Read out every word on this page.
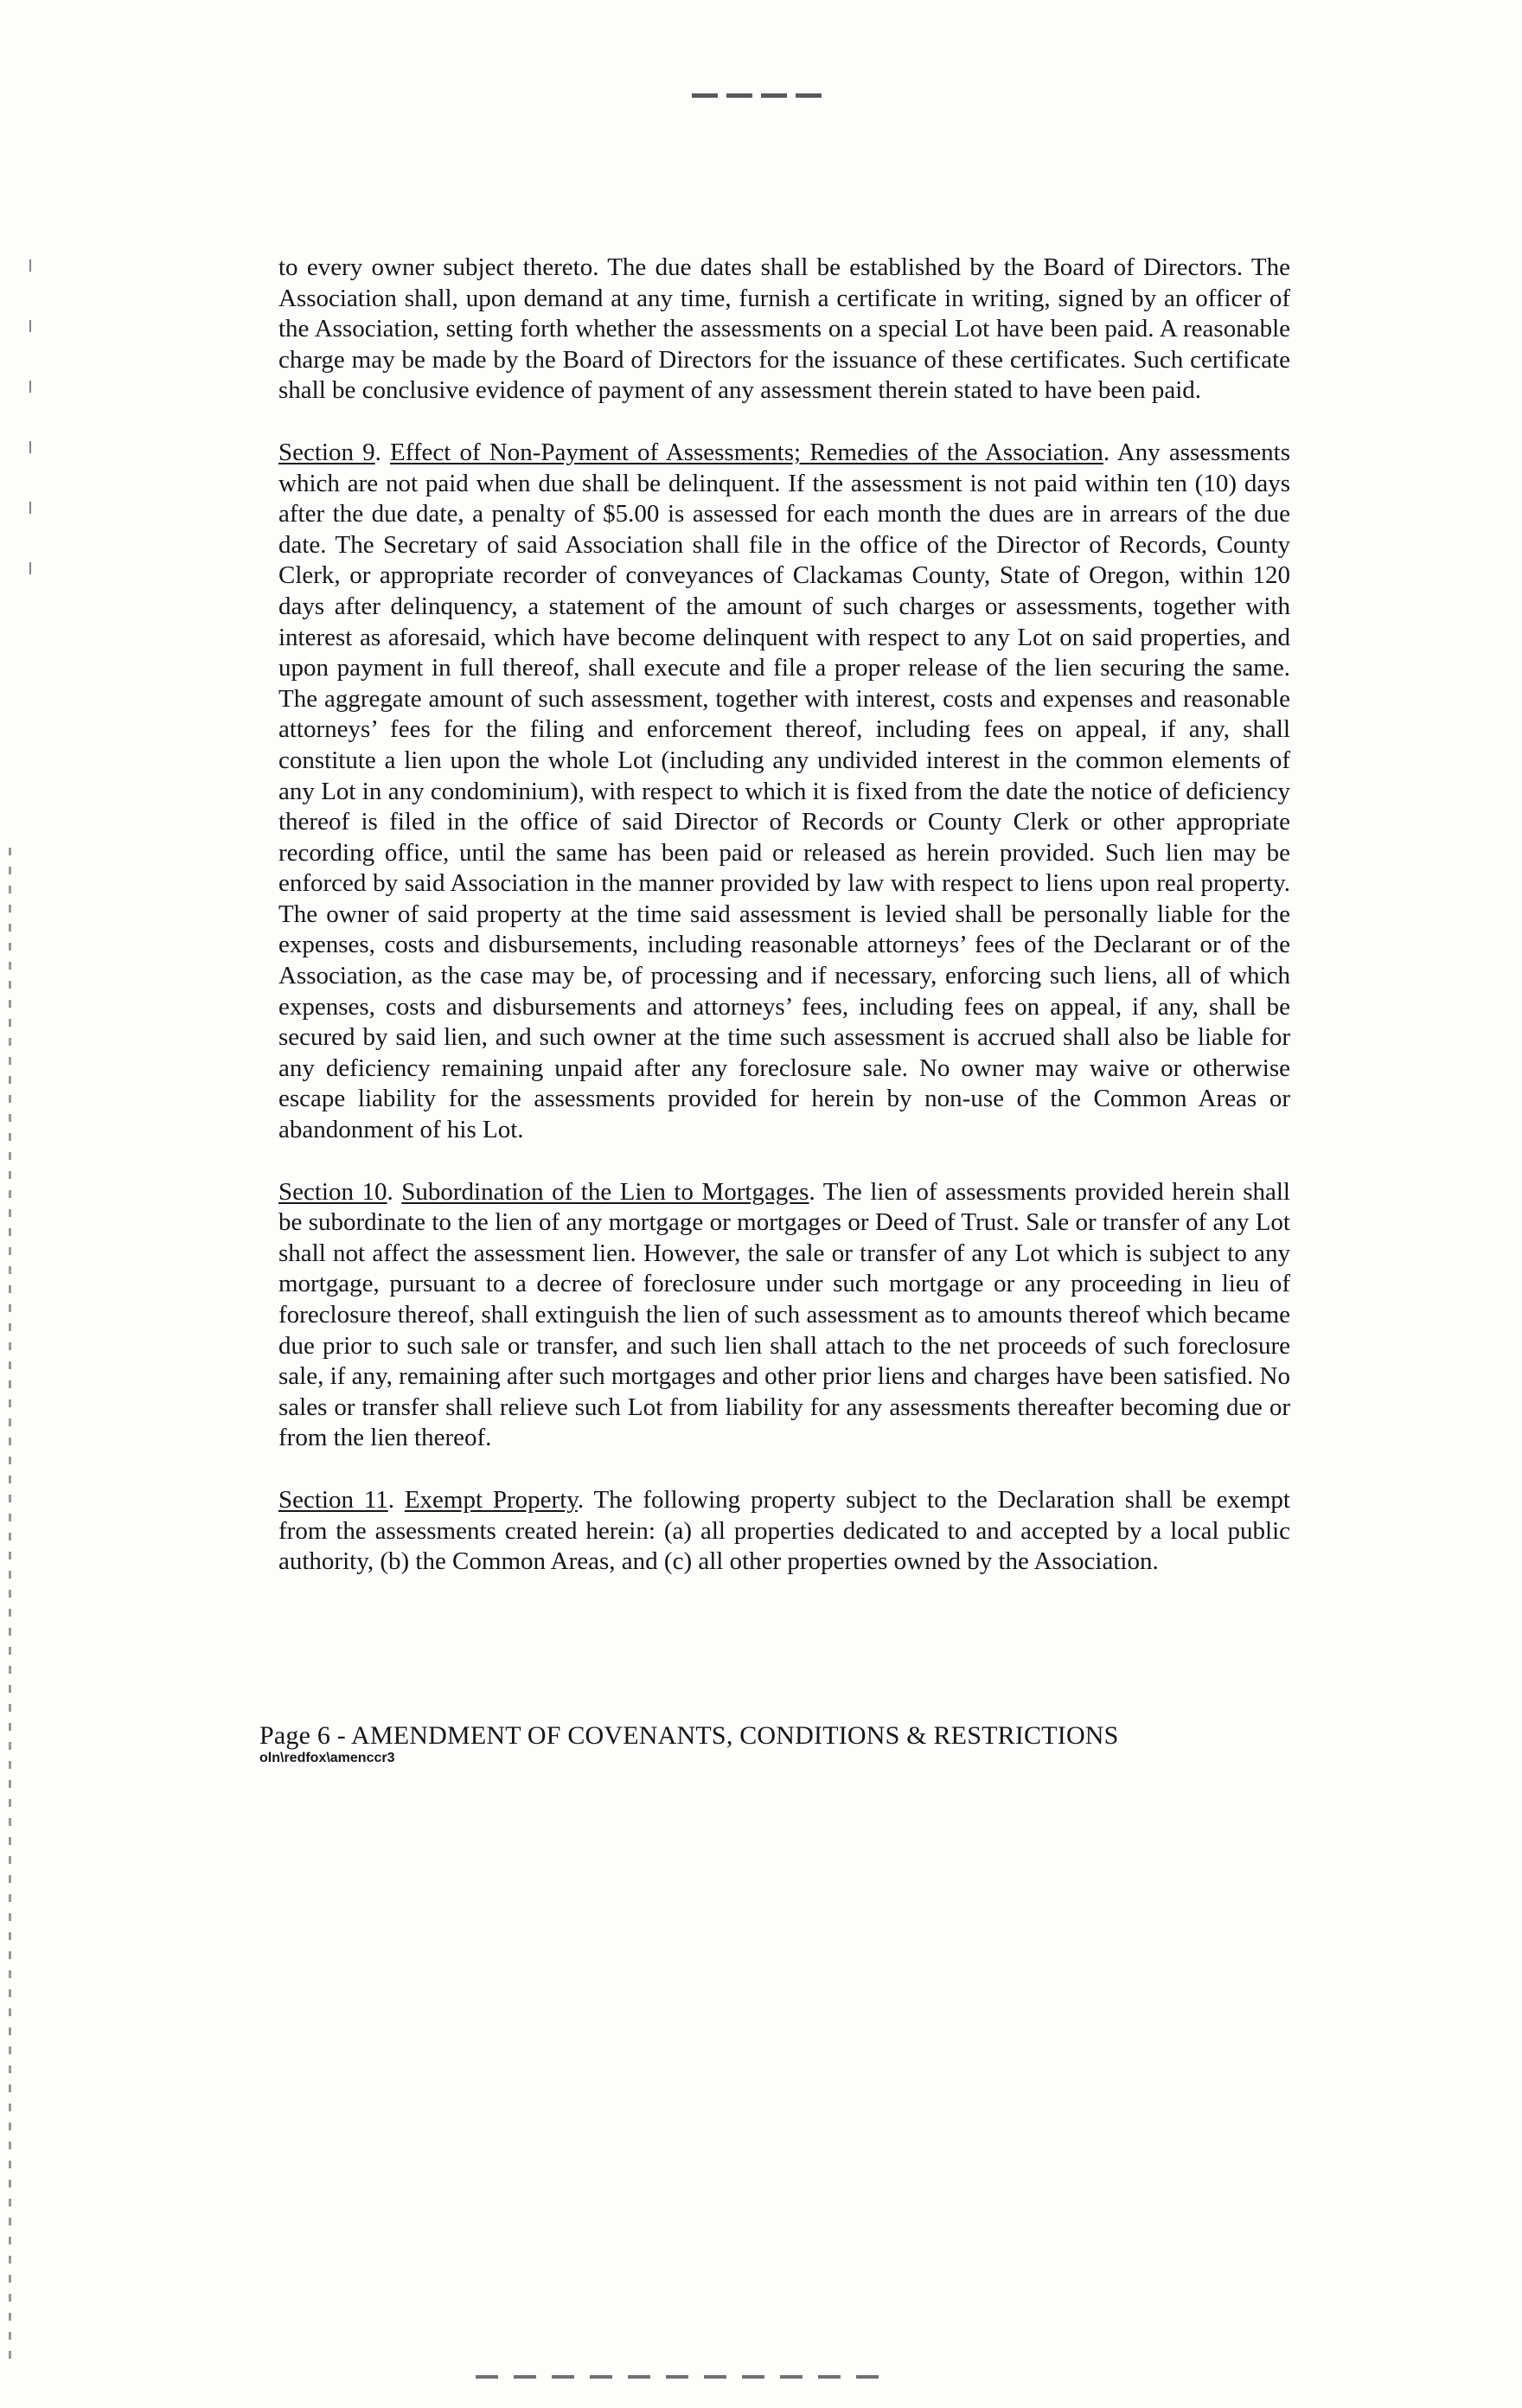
to every owner subject thereto. The due dates shall be established by the Board of Directors. The Association shall, upon demand at any time, furnish a certificate in writing, signed by an officer of the Association, setting forth whether the assessments on a special Lot have been paid. A reasonable charge may be made by the Board of Directors for the issuance of these certificates. Such certificate shall be conclusive evidence of payment of any assessment therein stated to have been paid.

Section 9. Effect of Non-Payment of Assessments; Remedies of the Association. Any assessments which are not paid when due shall be delinquent. If the assessment is not paid within ten (10) days after the due date, a penalty of $5.00 is assessed for each month the dues are in arrears of the due date. The Secretary of said Association shall file in the office of the Director of Records, County Clerk, or appropriate recorder of conveyances of Clackamas County, State of Oregon, within 120 days after delinquency, a statement of the amount of such charges or assessments, together with interest as aforesaid, which have become delinquent with respect to any Lot on said properties, and upon payment in full thereof, shall execute and file a proper release of the lien securing the same. The aggregate amount of such assessment, together with interest, costs and expenses and reasonable attorneys’ fees for the filing and enforcement thereof, including fees on appeal, if any, shall constitute a lien upon the whole Lot (including any undivided interest in the common elements of any Lot in any condominium), with respect to which it is fixed from the date the notice of deficiency thereof is filed in the office of said Director of Records or County Clerk or other appropriate recording office, until the same has been paid or released as herein provided. Such lien may be enforced by said Association in the manner provided by law with respect to liens upon real property. The owner of said property at the time said assessment is levied shall be personally liable for the expenses, costs and disbursements, including reasonable attorneys’ fees of the Declarant or of the Association, as the case may be, of processing and if necessary, enforcing such liens, all of which expenses, costs and disbursements and attorneys’ fees, including fees on appeal, if any, shall be secured by said lien, and such owner at the time such assessment is accrued shall also be liable for any deficiency remaining unpaid after any foreclosure sale. No owner may waive or otherwise escape liability for the assessments provided for herein by non-use of the Common Areas or abandonment of his Lot.

Section 10. Subordination of the Lien to Mortgages. The lien of assessments provided herein shall be subordinate to the lien of any mortgage or mortgages or Deed of Trust. Sale or transfer of any Lot shall not affect the assessment lien. However, the sale or transfer of any Lot which is subject to any mortgage, pursuant to a decree of foreclosure under such mortgage or any proceeding in lieu of foreclosure thereof, shall extinguish the lien of such assessment as to amounts thereof which became due prior to such sale or transfer, and such lien shall attach to the net proceeds of such foreclosure sale, if any, remaining after such mortgages and other prior liens and charges have been satisfied. No sales or transfer shall relieve such Lot from liability for any assessments thereafter becoming due or from the lien thereof.

Section 11. Exempt Property. The following property subject to the Declaration shall be exempt from the assessments created herein: (a) all properties dedicated to and accepted by a local public authority, (b) the Common Areas, and (c) all other properties owned by the Association.

Page 6 - AMENDMENT OF COVENANTS, CONDITIONS & RESTRICTIONS
oln\redfox\amenccr3
